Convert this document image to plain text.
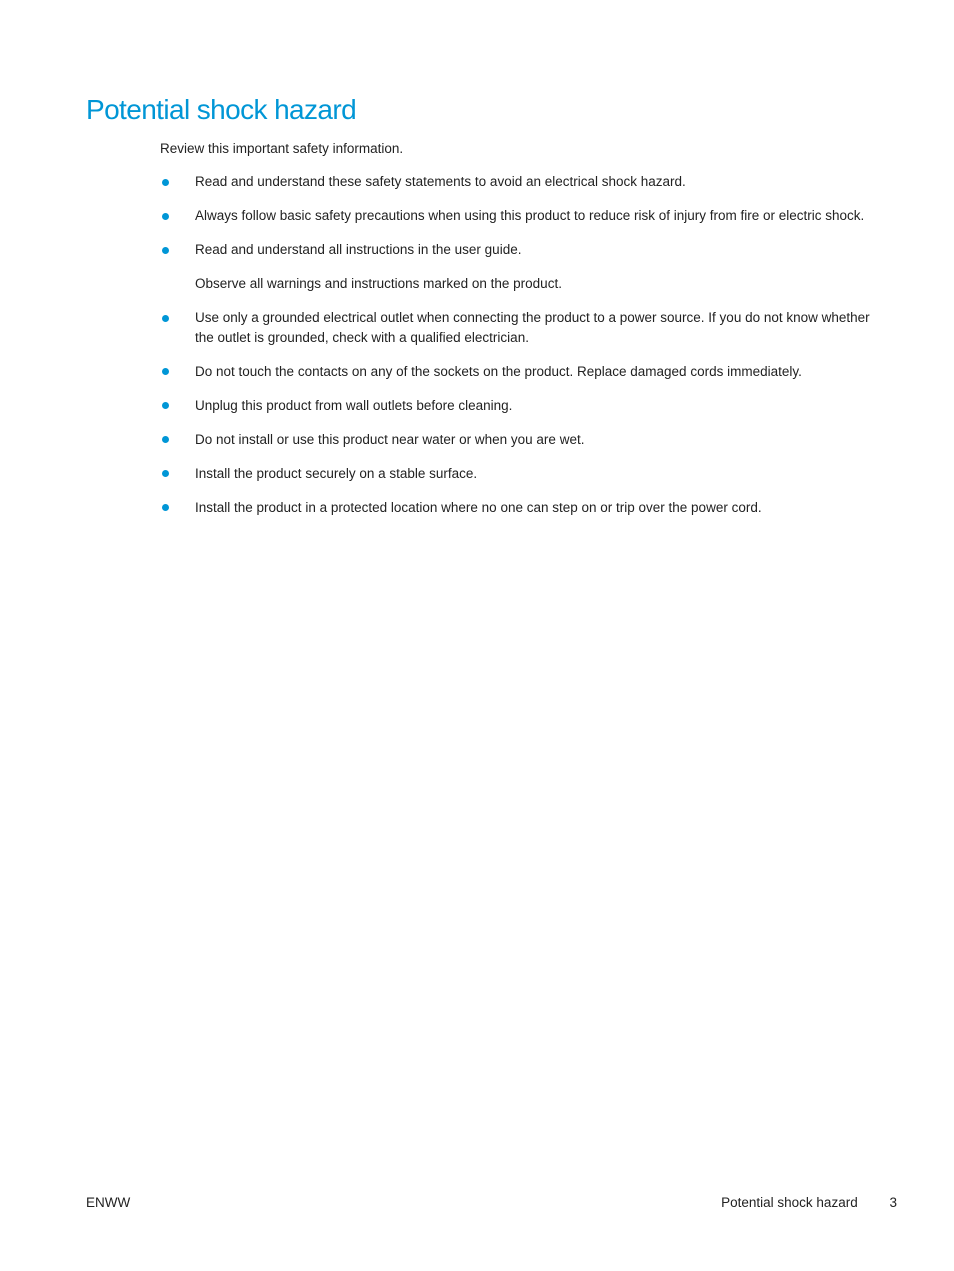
Potential shock hazard

Review this important safety information.

Read and understand these safety statements to avoid an electrical shock hazard.
Always follow basic safety precautions when using this product to reduce risk of injury from fire or electric shock.
Read and understand all instructions in the user guide.
Observe all warnings and instructions marked on the product.
Use only a grounded electrical outlet when connecting the product to a power source. If you do not know whether the outlet is grounded, check with a qualified electrician.
Do not touch the contacts on any of the sockets on the product. Replace damaged cords immediately.
Unplug this product from wall outlets before cleaning.
Do not install or use this product near water or when you are wet.
Install the product securely on a stable surface.
Install the product in a protected location where no one can step on or trip over the power cord.
ENWW	Potential shock hazard 3
